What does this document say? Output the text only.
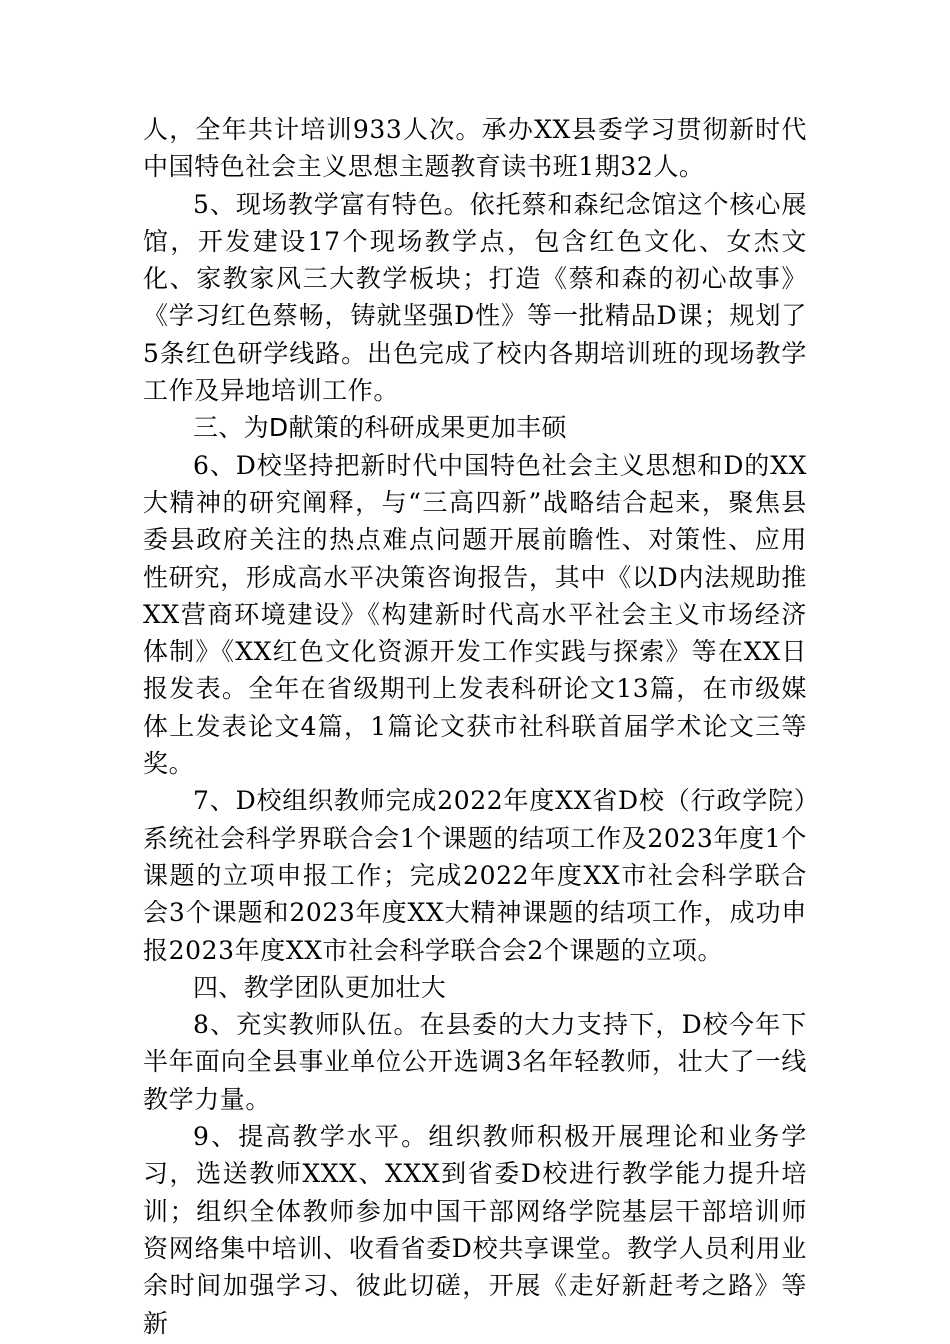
人，全年共计培训933人次。承办XX县委学习贯彻新时代中国特色社会主义思想主题教育读书班1期32人。

5、现场教学富有特色。依托蔡和森纪念馆这个核心展馆，开发建设17个现场教学点，包含红色文化、女杰文化、家教家风三大教学板块；打造《蔡和森的初心故事》《学习红色蔡畅，铸就坚强D性》等一批精品D课；规划了5条红色研学线路。出色完成了校内各期培训班的现场教学工作及异地培训工作。

三、为D献策的科研成果更加丰硕

6、D校坚持把新时代中国特色社会主义思想和D的XX大精神的研究阐释，与“三高四新”战略结合起来，聚焦县委县政府关注的热点难点问题开展前瞻性、对策性、应用性研究，形成高水平决策咨询报告，其中《以D内法规助推XX营商环境建设》《构建新时代高水平社会主义市场经济体制》《XX红色文化资源开发工作实践与探索》等在XX日报发表。全年在省级期刊上发表科研论文13篇，在市级媒体上发表论文4篇，1篇论文获市社科联首届学术论文三等奖。

7、D校组织教师完成2022年度XX省D校（行政学院）系统社会科学界联合会1个课题的结项工作及2023年度1个课题的立项申报工作；完成2022年度XX市社会科学联合会3个课题和2023年度XX大精神课题的结项工作，成功申报2023年度XX市社会科学联合会2个课题的立项。

四、教学团队更加壮大

8、充实教师队伍。在县委的大力支持下，D校今年下半年面向全县事业单位公开选调3名年轻教师，壮大了一线教学力量。

9、提高教学水平。组织教师积极开展理论和业务学习，选送教师XXX、XXX到省委D校进行教学能力提升培训；组织全体教师参加中国干部网络学院基层干部培训师资网络集中培训、收看省委D校共享课堂。教学人员利用业余时间加强学习、彼此切磋，开展《走好新赶考之路》等新
